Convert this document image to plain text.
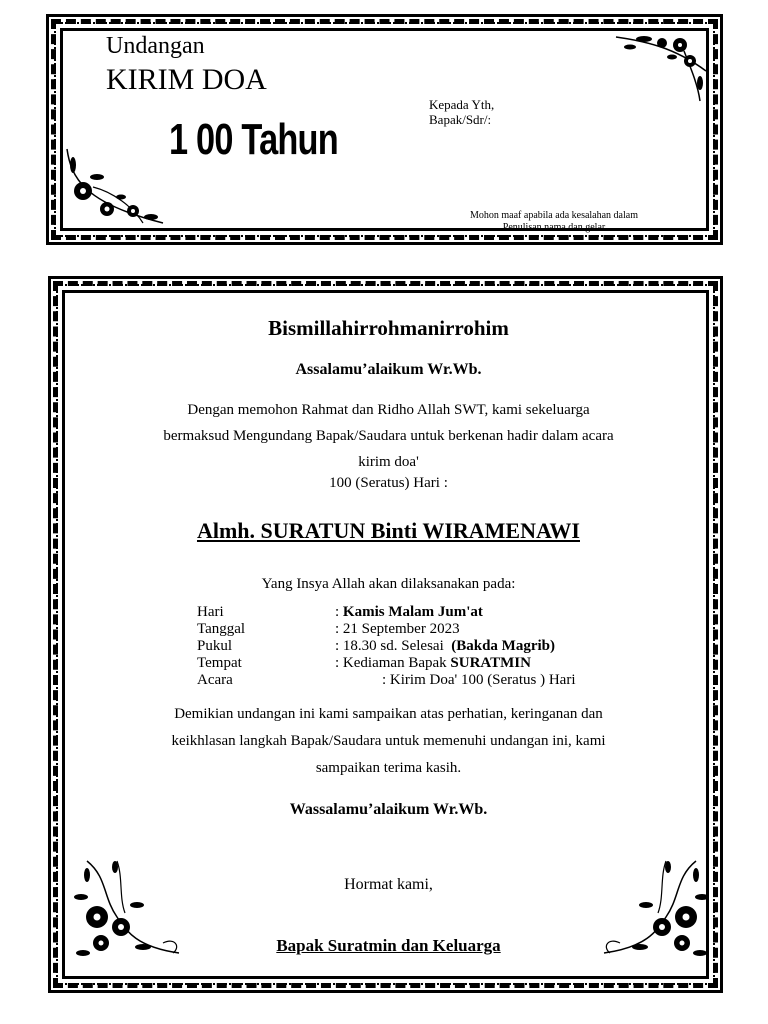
Undangan
KIRIM DOA
1 00 Tahun
Kepada Yth,
Bapak/Sdr/:
Mohon maaf apabila ada kesalahan dalam
Penulisan nama dan gelar
Bismillahirrohmanirrohim
Assalamu’alaikum Wr.Wb.
Dengan memohon Rahmat dan Ridho Allah SWT, kami sekeluarga
bermaksud Mengundang Bapak/Saudara untuk berkenan hadir dalam acara
kirim doa'
100 (Seratus) Hari :
Almh. SURATUN Binti WIRAMENAWI
Yang Insya Allah akan dilaksanakan pada:
Hari	: Kamis Malam Jum'at
Tanggal	: 21 September 2023
Pukul	: 18.30 sd. Selesai (Bakda Magrib)
Tempat	: Kediaman Bapak SURATMIN
Acara	: Kirim Doa' 100 (Seratus ) Hari
Demikian undangan ini kami sampaikan atas perhatian, keringanan dan
keikhlasan langkah Bapak/Saudara untuk memenuhi undangan ini, kami
sampaikan terima kasih.
Wassalamu’alaikum Wr.Wb.
Hormat kami,
Bapak Suratmin dan Keluarga
